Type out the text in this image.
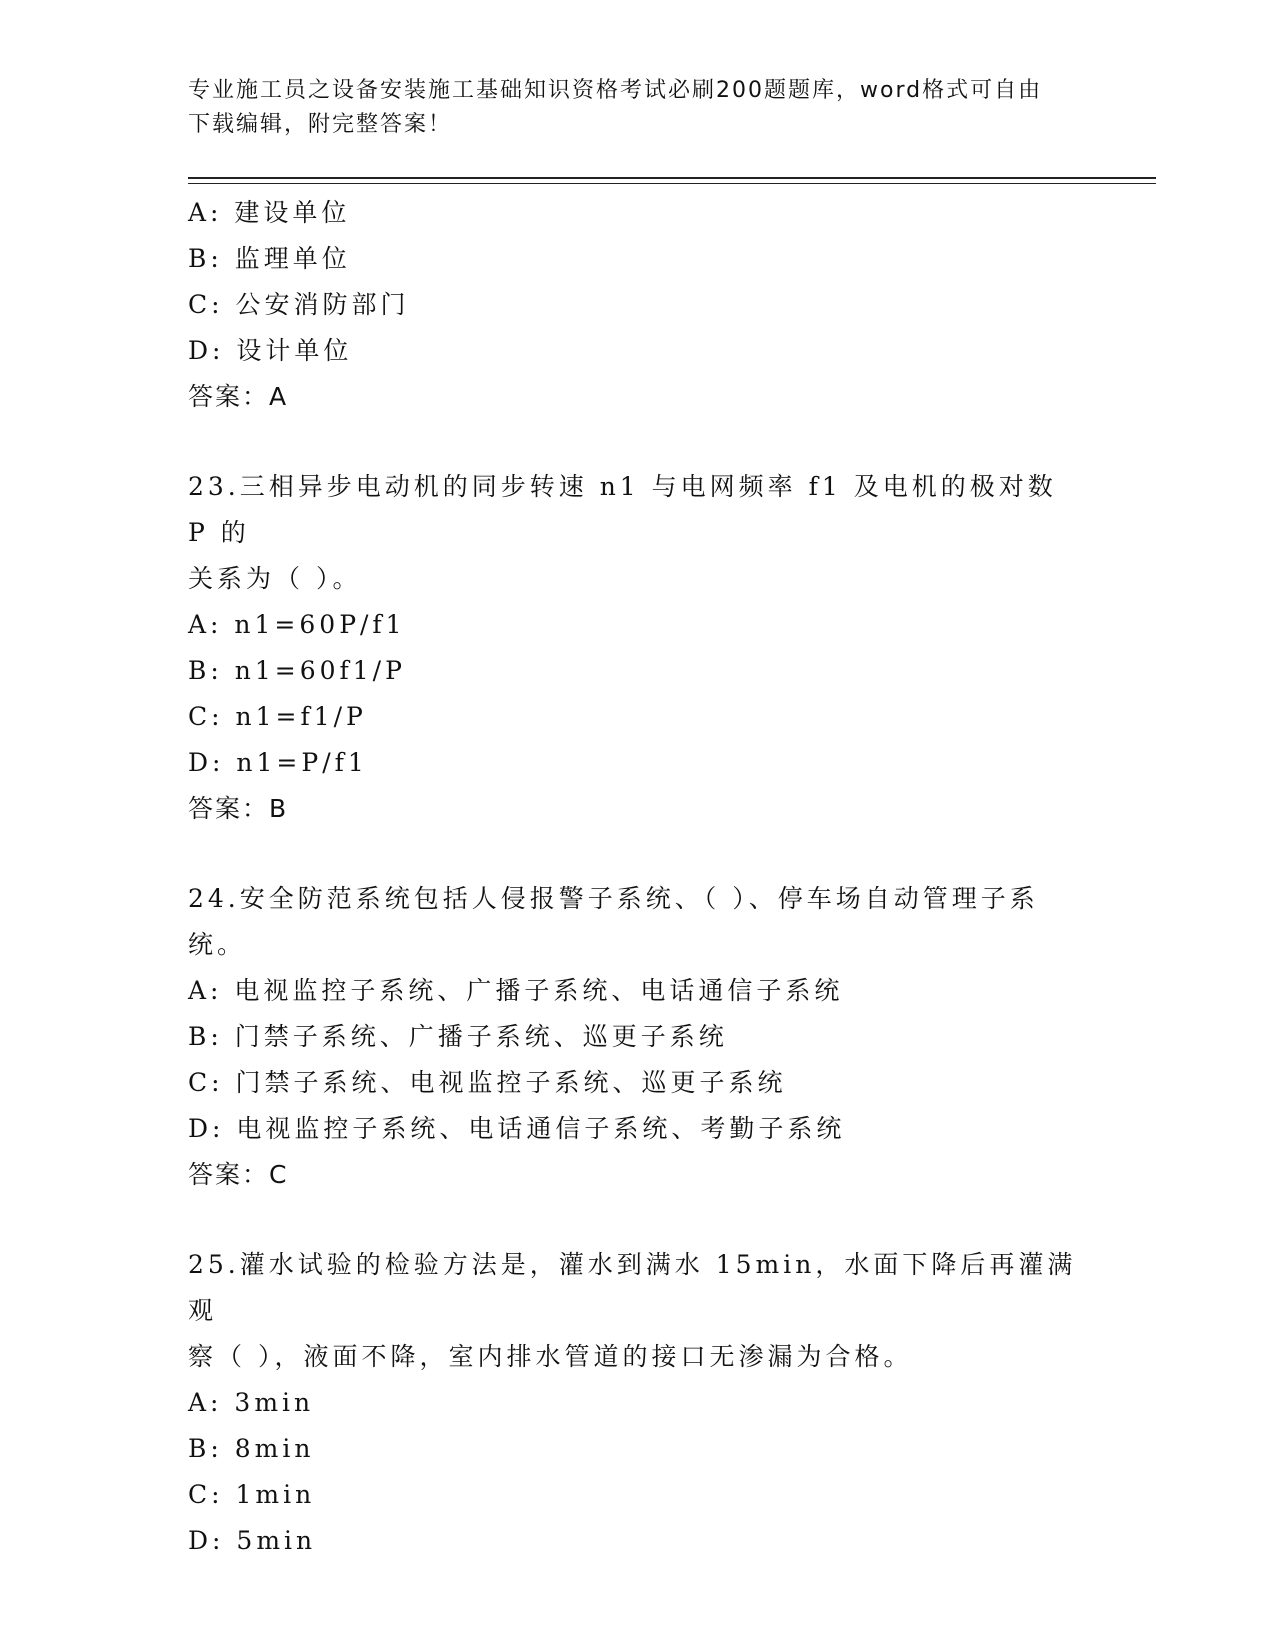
专业施工员之设备安装施工基础知识资格考试必刷200题题库，word格式可自由
下载编辑，附完整答案！
A: 建设单位
B: 监理单位
C: 公安消防部门
D: 设计单位
答案：A
23.三相异步电动机的同步转速 n1 与电网频率 f1 及电机的极对数 P 的
关系为（ ）。
A: n1=60P/f1
B: n1=60f1/P
C: n1=f1/P
D: n1=P/f1
答案：B
24.安全防范系统包括人侵报警子系统、（ ）、停车场自动管理子系
统。
A: 电视监控子系统、广播子系统、电话通信子系统
B: 门禁子系统、广播子系统、巡更子系统
C: 门禁子系统、电视监控子系统、巡更子系统
D: 电视监控子系统、电话通信子系统、考勤子系统
答案：C
25.灌水试验的检验方法是，灌水到满水 15min，水面下降后再灌满观
察（ ），液面不降，室内排水管道的接口无渗漏为合格。
A: 3min
B: 8min
C: 1min
D: 5min
